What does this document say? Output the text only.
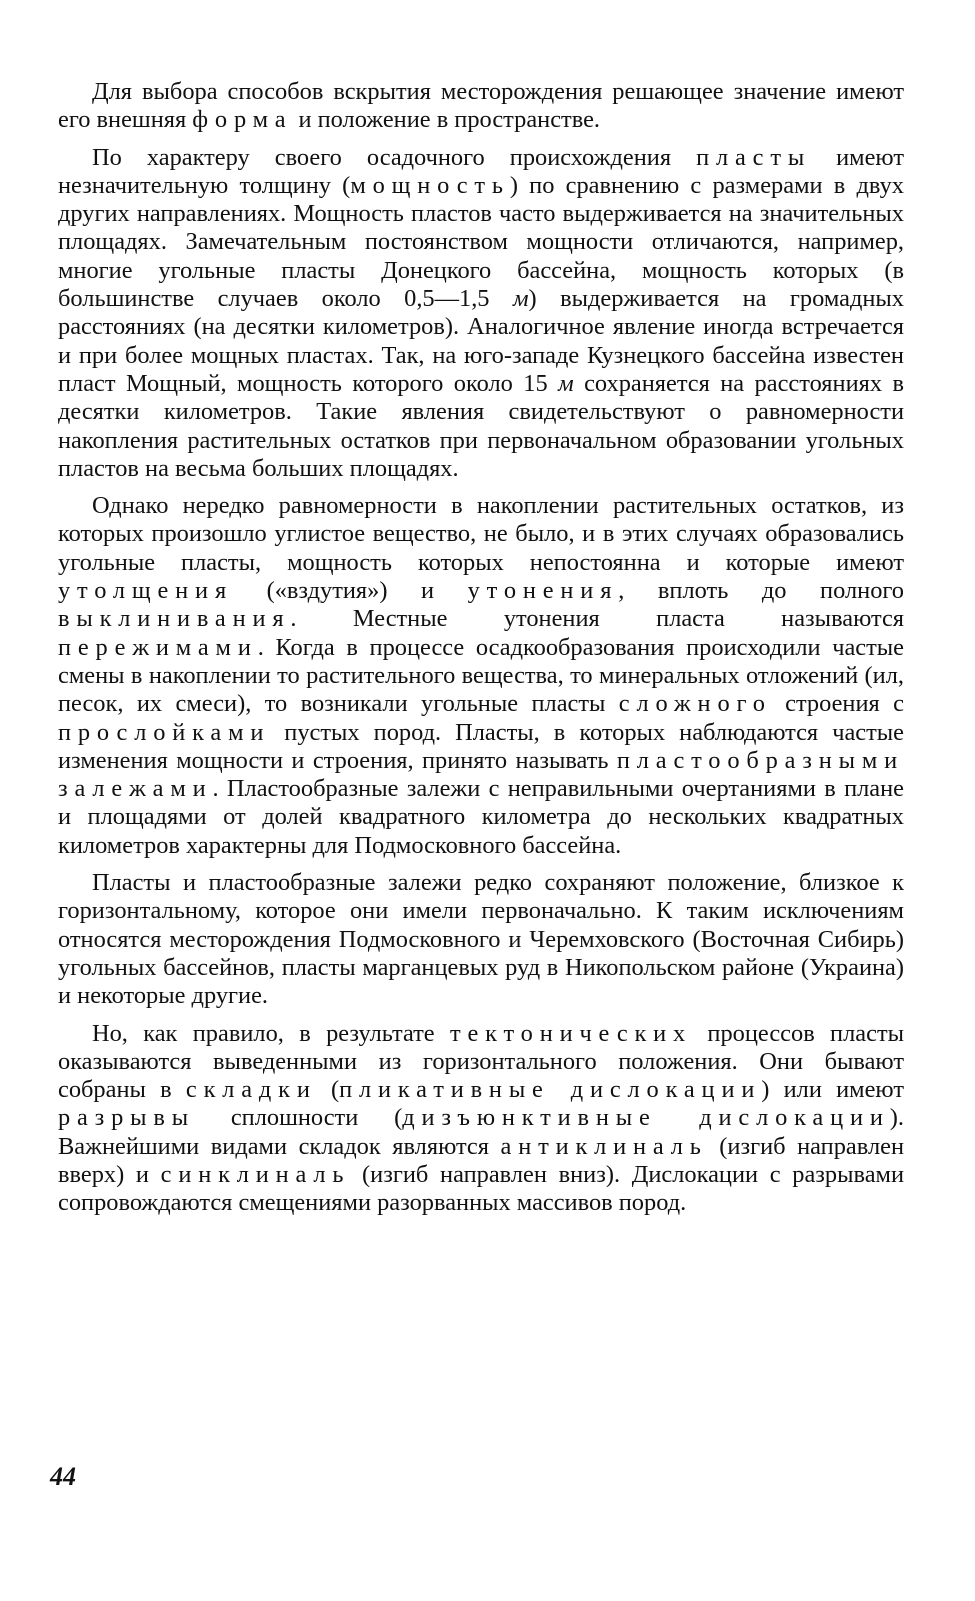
Для выбора способов вскрытия месторождения решающее значение имеют его внешняя форма и положение в пространстве.

По характеру своего осадочного происхождения пласты имеют незначительную толщину (мощность) по сравнению с размерами в двух других направлениях. Мощность пластов часто выдерживается на значительных площадях. Замечательным постоянством мощности отличаются, например, многие угольные пласты Донецкого бассейна, мощность которых (в большинстве случаев около 0,5—1,5 м) выдерживается на громадных расстояниях (на десятки километров). Аналогичное явление иногда встречается и при более мощных пластах. Так, на юго-западе Кузнецкого бассейна известен пласт Мощный, мощность которого около 15 м сохраняется на расстояниях в десятки километров. Такие явления свидетельствуют о равномерности накопления растительных остатков при первоначальном образовании угольных пластов на весьма больших площадях.

Однако нередко равномерности в накоплении растительных остатков, из которых произошло углистое вещество, не было, и в этих случаях образовались угольные пласты, мощность которых непостоянна и которые имеют утолщения («вздутия») и утонения, вплоть до полного выклинивания. Местные утонения пласта называются пережимами. Когда в процессе осадкообразования происходили частые смены в накоплении то растительного вещества, то минеральных отложений (ил, песок, их смеси), то возникали угольные пласты сложного строения с прослойками пустых пород. Пласты, в которых наблюдаются частые изменения мощности и строения, принято называть пластообразными залежами. Пластообразные залежи с неправильными очертаниями в плане и площадями от долей квадратного километра до нескольких квадратных километров характерны для Подмосковного бассейна.

Пласты и пластообразные залежи редко сохраняют положение, близкое к горизонтальному, которое они имели первоначально. К таким исключениям относятся месторождения Подмосковного и Черемховского (Восточная Сибирь) угольных бассейнов, пласты марганцевых руд в Никопольском районе (Украина) и некоторые другие.

Но, как правило, в результате тектонических процессов пласты оказываются выведенными из горизонтального положения. Они бывают собраны в складки (пликативные дислокации) или имеют разрывы сплошности (дизъюнктивные дислокации). Важнейшими видами складок являются антиклиналь (изгиб направлен вверх) и синклиналь (изгиб направлен вниз). Дислокации с разрывами сопровождаются смещениями разорванных массивов пород.

44
